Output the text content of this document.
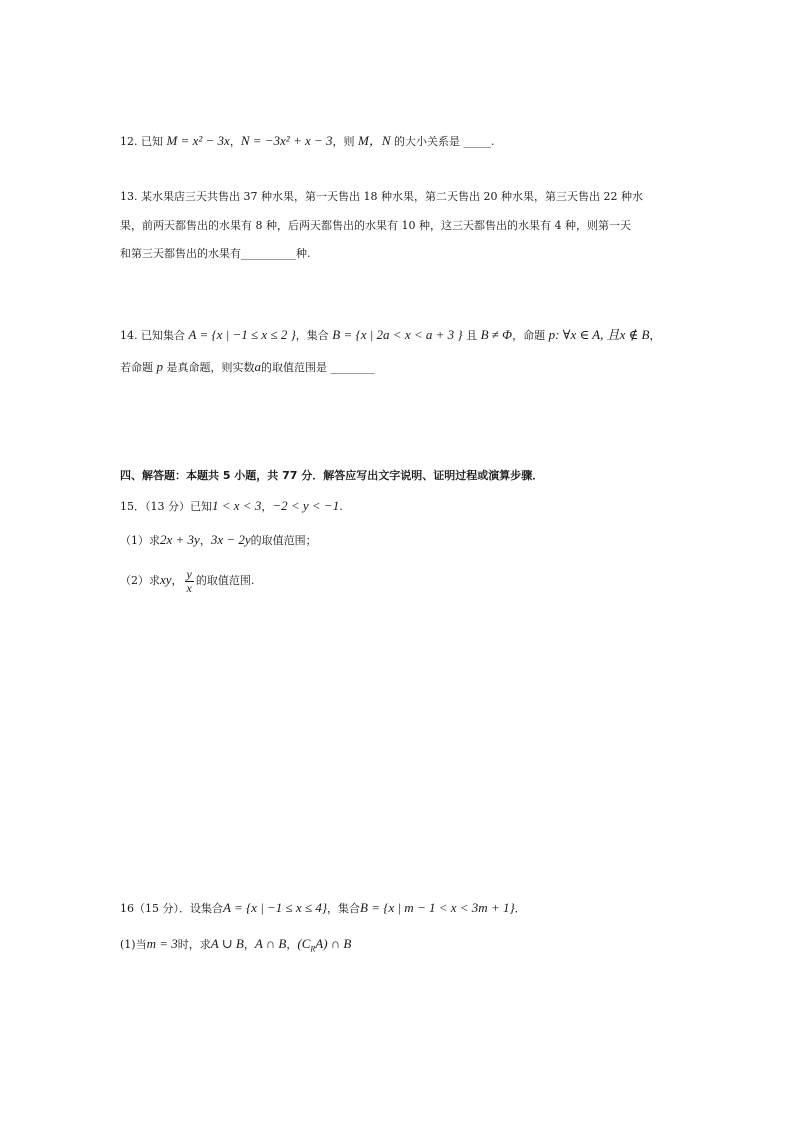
12. 已知 M = x² − 3x，N = −3x² + x − 3，则 M，N 的大小关系是 _____.
13. 某水果店三天共售出 37 种水果，第一天售出 18 种水果，第二天售出 20 种水果，第三天售出 22 种水
果，前两天都售出的水果有 8 种，后两天都售出的水果有 10 种，这三天都售出的水果有 4 种，则第一天
和第三天都售出的水果有__________种.
14. 已知集合 A = {x | −1 ≤ x ≤ 2 }，集合 B = {x | 2a < x < a + 3 } 且 B ≠ Φ，命题 p: ∀x ∈ A, 且x ∉ B，
若命题 p 是真命题，则实数a的取值范围是 ________
四、解答题：本题共 5 小题，共 77 分．解答应写出文字说明、证明过程或演算步骤．
15．（13 分）已知1 < x < 3，−2 < y < −1.
（1）求2x + 3y，3x − 2y的取值范围；
（2）求xy， $\frac{y}{x}$ 的取值范围.
16（15 分）．设集合A = {x | −1 ≤ x ≤ 4}，集合B = {x | m − 1 < x < 3m + 1}．
(1)当m = 3时，求A ∪ B，A ∩ B，$(C_RA)$ ∩ B
